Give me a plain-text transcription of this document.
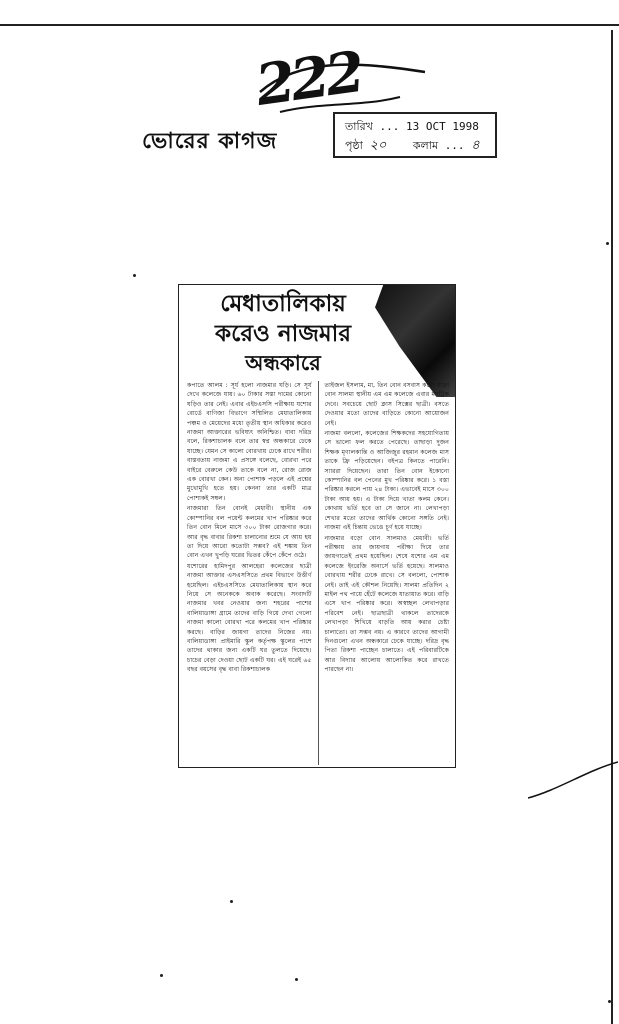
222
ভোরের কাগজ
তারিখ ... 13 OCT 1998
পৃষ্ঠা ২০ কলাম ... ৪
মেধাতালিকায়
করেও নাজমার
অন্ধকারে

কপাতে আলম : সূর্য হলো নাজমার ঘড়ি। সে সূর্য দেখে কলেজে যায়। ৬০ টাকার সস্তা দামের কোনো ঘড়িও তার নেই। এবার এইচএসসি পরীক্ষায় যশোর বোর্ডে বাণিজ্য বিভাগে সম্মিলিত মেধাতালিকায় পঞ্চম ও মেয়েদের মধ্যে তৃতীয় স্থান অধিকার করেও নাজমা আক্তারের ভবিষ্যৎ অনিশ্চিত। বাবা দরিদ্র বলে, রিকশাচালক বলে তার স্বপ্ন অন্ধকারে ঢেকে যাচ্ছে। যেমন সে কালো বোরখায় ঢেকে রাখে শরীর। বাস্তবতায় নাজমা এ প্রসঙ্গে বলেছে, বোরখা পরে বাইরে বেরুলে কেউ তাকে বলে না, রোজ রোজ এক বোরখা কেন। অন্য পোশাক পড়লে এই প্রশ্নের মুখোমুখি হতে হয়। কেননা তার একটি মাত্র পোশাকই সম্বল।

নাজমারা তিন বোনই মেধাবী। স্থানীয় এক কোম্পানির বল পয়েন্ট কলমের খাপ পরিষ্কার করে তিন বোন মিলে মাসে ৩০০ টাকা রোজগার করে। আর বৃদ্ধ বাবার রিকশা চালানোর শ্রমে যে আয় হয় তা দিয়ে আরো কতোটা সম্ভব? এই শঙ্কায় তিন বোন এখন খুপড়ি ঘরের ভিতর কেঁপে কেঁপে ওঠে।

যশোরের হামিদপুর আলহেরা কলেজের ছাত্রী নাজমা আক্তার এসএসসিতে প্রথম বিভাগে উত্তীর্ণ হয়েছিল। এইচএসসিতে মেধাতালিকায় স্থান করে নিয়ে সে অনেককে অবাক করেছে। সংবাদটি নাজমার খবর নেওয়ার জন্য শহরের পাশের বালিয়াডাঙ্গা গ্রামে তাদের বাড়ি গিয়ে দেখা গেলো নাজমা কালো বোরখা পরে কলমের খাপ পরিষ্কার করছে। বাড়ির জায়গা তাদের নিজের নয়। বালিয়াডাঙ্গা প্রাইমারি স্কুল কর্তৃপক্ষ স্কুলের পাশে তাদের থাকার জন্য একটি ঘর তুলতে দিয়েছে। চাচের বেড়া দেওয়া ছোট একটি ঘর। এই ঘরেই ৬৫ বছর বয়সের বৃদ্ধ বাবা রিকশাচালক

তাইজল ইসলাম, মা, তিন বোন বসবাস করে। বড়ো বোন সালমা স্থানীয় এম এম কলেজে এবার ম্যাট্রিক দেবে। সবচেয়ে ছোট ক্লাস সিক্সের ছাত্রী। বসতে দেওয়ার মতো তাদের বাড়িতে কোনো আয়োজন নেই।

নাজমা বললো, কলেজের শিক্ষকদের সহযোগিতায় সে ভালো ফল করতে পেরেছে। তাছাড়া দুজন শিক্ষক মৃণালকান্তি ও আজিজুর রহমান কলেজ মাস তাকে ফ্রি পড়িয়েছেন। বইপত্র কিনতে পারেনি। স্যাররা দিয়েছেন। তারা তিন বোন ইকোনো কোম্পানির বল পেনের মুখ পরিষ্কার করে। ১ বস্তা পরিষ্কার করলে পায় ২৪ টাকা। এভাবেই মাসে ৩০০ টাকা আয় হয়। এ টাকা দিয়ে খাতা কলম কেনে। কোথায় ভর্তি হবে তা সে জানে না। লেখাপড়া শেখার মতো তাদের আর্থিক কোনো সঙ্গতি নেই। নাজমা এই চিন্তায় ভেঙে চূর্ণ হয়ে যাচ্ছে।

নাজমার বড়ো বোন সালমাও মেধাবী। ভর্তি পরীক্ষায় তার জায়গায় পরীক্ষা দিয়ে তার জায়গাতেই প্রথম হয়েছিল। শেষে যশোর এম এম কলেজে ইংরেজি অনার্সে ভর্তি হয়েছে। সালমাও বোরখায় শরীর ঢেকে রাখে। সে বললো, পোশাক নেই। তাই এই কৌশল নিয়েছি। সালমা প্রতিদিন ২ মাইল পথ পায়ে হেঁটে কলেজে যাতায়াত করে। বাড়ি এসে খাপ পরিষ্কার করে। অস্বচ্ছল লেখাপড়ার পরিবেশ নেই। ছাত্রছাত্রী থাকলে তাদেরকে লেখাপড়া শিখিয়ে বাড়তি আয় করার চেষ্টা চালাতো। তা সম্ভব নয়। এ কারণে তাদের আগামী দিনগুলো এখন অন্ধকারে ঢেকে যাচ্ছে। দরিদ্র বৃদ্ধ পিতা রিকশা পাচ্ছেন চালাতে। এই পরিবারটিকে আর বিদ্যার আলোয় আলোকিত করে রাখতে পারছেন না।
